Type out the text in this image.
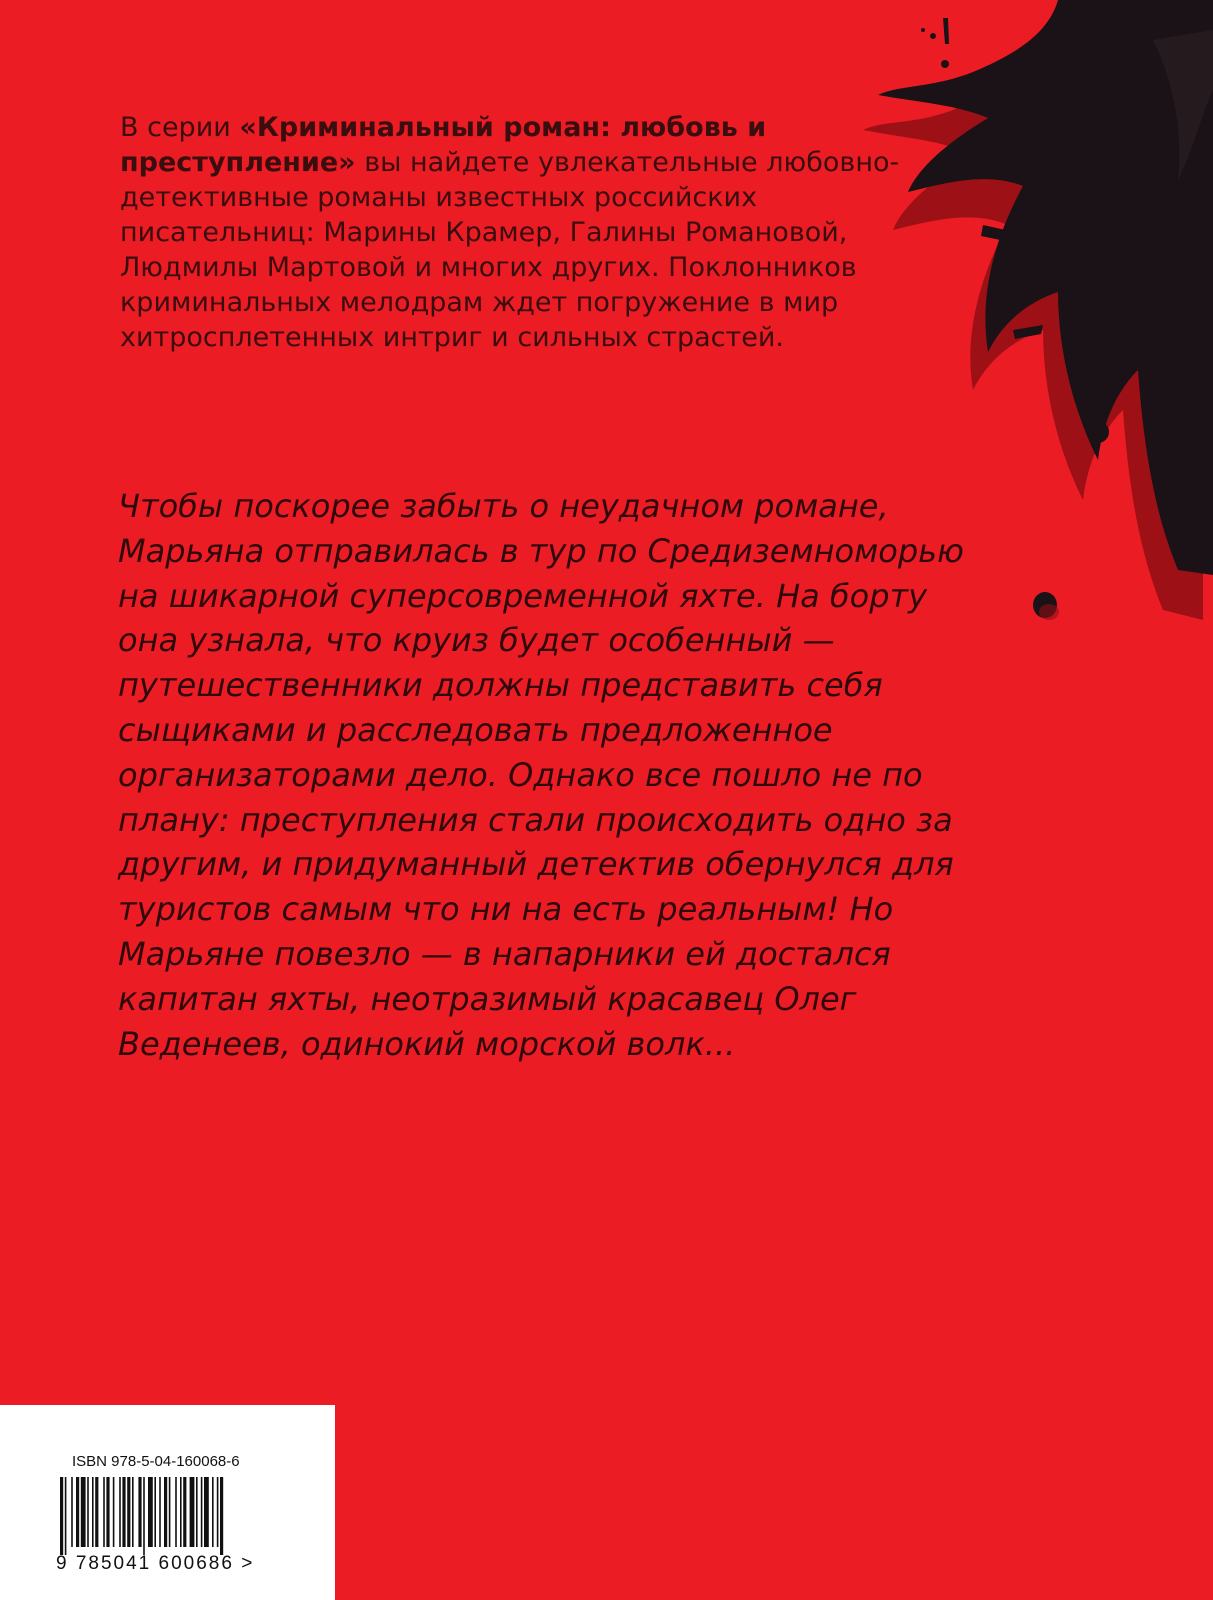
В серии «Криминальный роман: любовь и преступление» вы найдете увлекательные любовно-детективные романы известных российских писательниц: Марины Крамер, Галины Романовой, Людмилы Мартовой и многих других. Поклонников криминальных мелодрам ждет погружение в мир хитросплетенных интриг и сильных страстей.
Чтобы поскорее забыть о неудачном романе, Марьяна отправилась в тур по Средиземноморью на шикарной суперсовременной яхте. На борту она узнала, что круиз будет особенный — путешественники должны представить себя сыщиками и расследовать предложенное организаторами дело. Однако все пошло не по плану: преступления стали происходить одно за другим, и придуманный детектив обернулся для туристов самым что ни на есть реальным! Но Марьяне повезло — в напарники ей достался капитан яхты, неотразимый красавец Олег Веденеев, одинокий морской волк...
ISBN 978-5-04-160068-6
9 785041 600686 >
